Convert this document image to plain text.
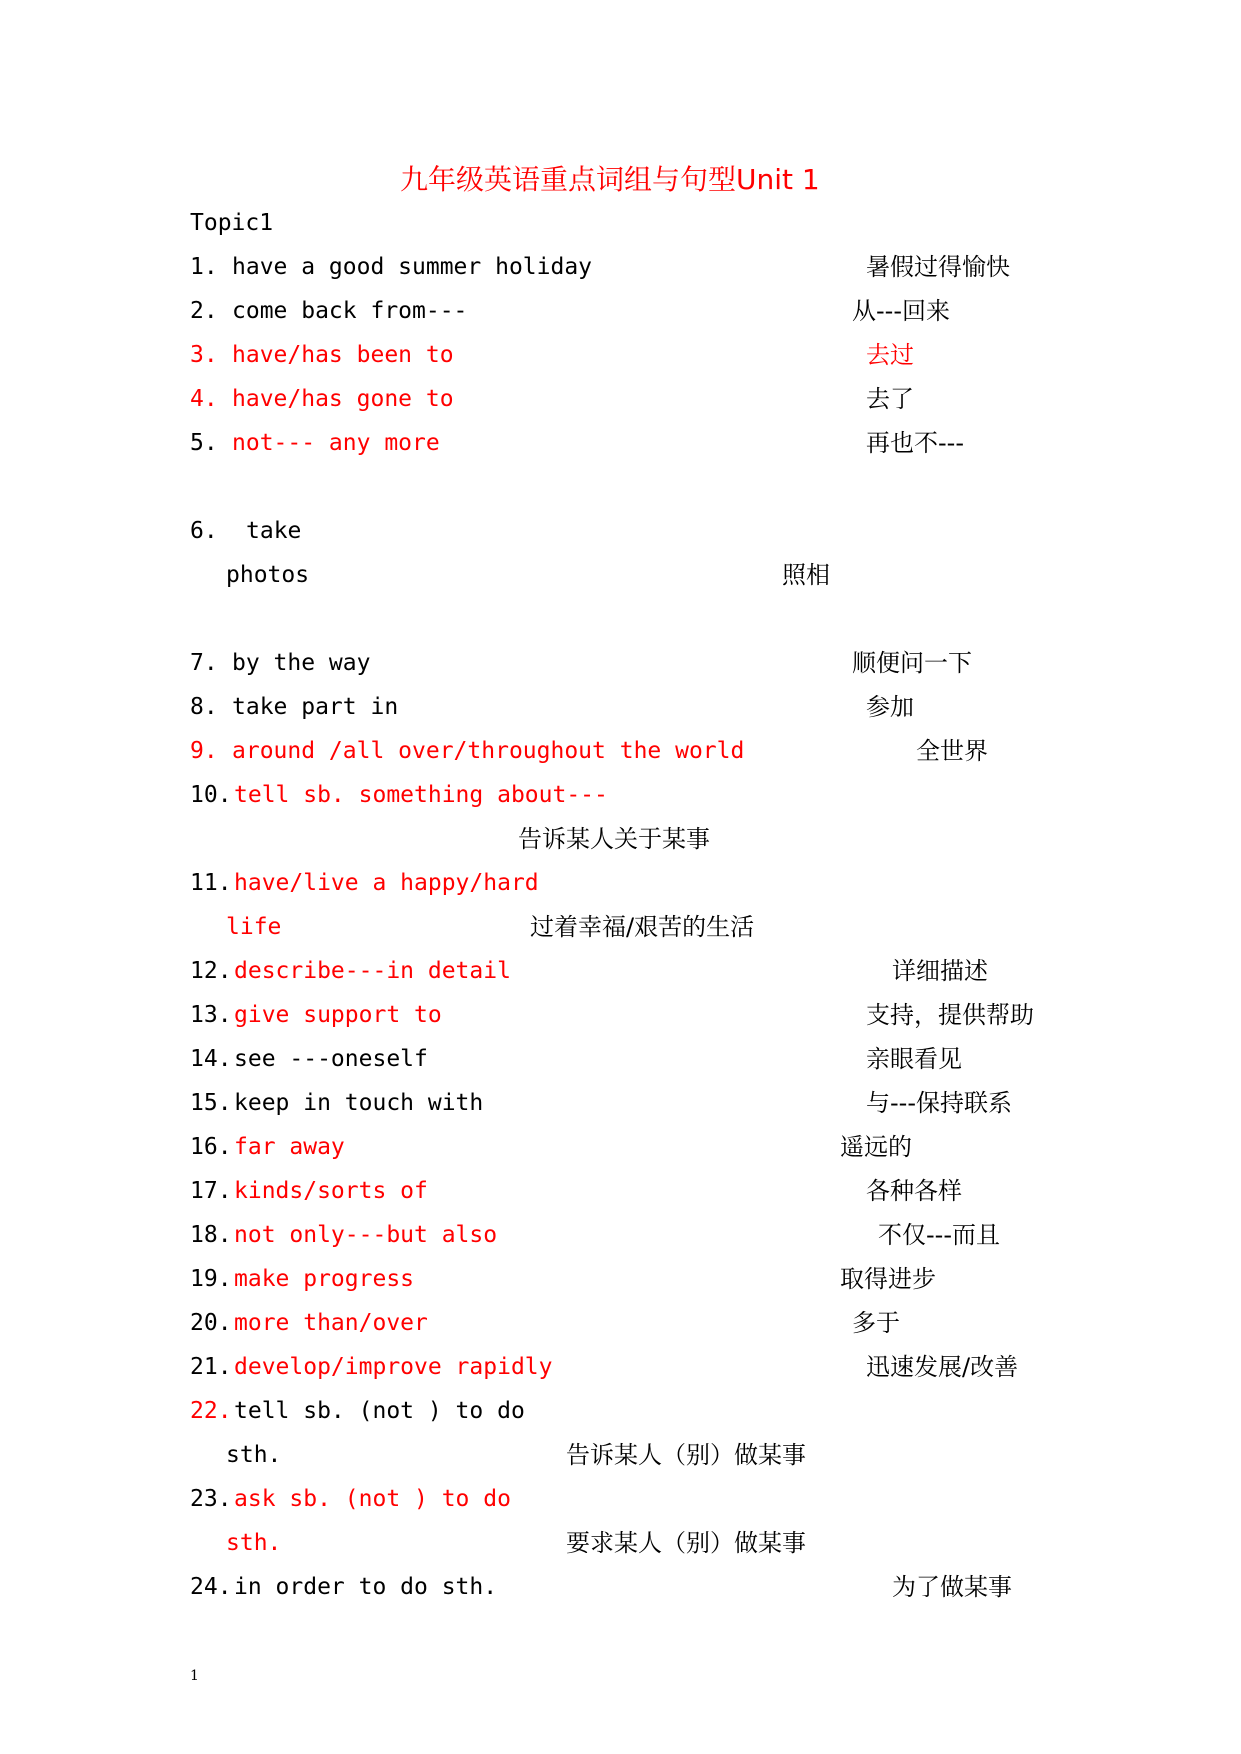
九年级英语重点词组与句型Unit 1
Topic1
1. have a good summer holiday	暑假过得愉快
2. come back from---	从---回来
3. have/has been to	去过
4. have/has gone to	去了
5. not--- any more	再也不---
6. take
photos	照相
7. by the way	顺便问一下
8. take part in	参加
9. around /all over/throughout the world	全世界
10. tell sb. something about---
告诉某人关于某事
11. have/live a happy/hard
life	过着幸福/艰苦的生活
12. describe---in detail	详细描述
13. give support to	支持，提供帮助
14. see ---oneself	亲眼看见
15. keep in touch with	与---保持联系
16. far away	遥远的
17. kinds/sorts of	各种各样
18. not only---but also	不仅---而且
19. make progress	取得进步
20. more than/over	多于
21. develop/improve rapidly	迅速发展/改善
22. tell sb. (not ) to do
sth.	告诉某人（别）做某事
23. ask sb. (not ) to do
sth.	要求某人（别）做某事
24. in order to do sth.	为了做某事
1
